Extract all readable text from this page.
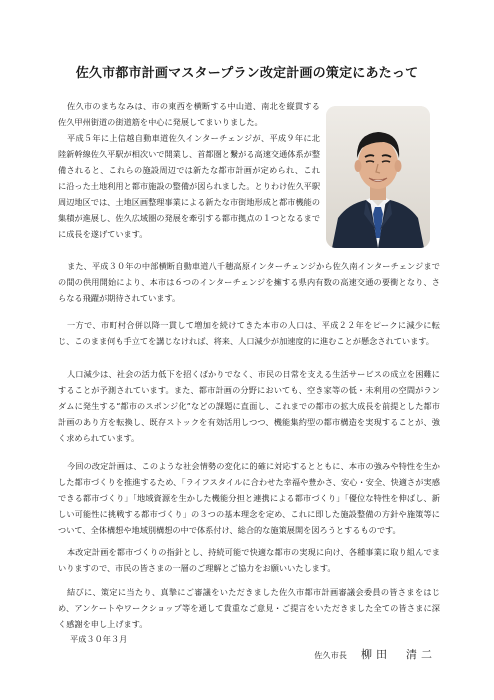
佐久市都市計画マスタープラン改定計画の策定にあたって

佐久市のまちなみは、市の東西を横断する中山道、南北を縦貫する佐久甲州街道の街道筋を中心に発展してまいりました。

平成５年に上信越自動車道佐久インターチェンジが、平成９年に北陸新幹線佐久平駅が相次いで開業し、首都圏と繋がる高速交通体系が整備されると、これらの施設周辺では新たな都市計画が定められ、これに沿った土地利用と都市施設の整備が図られました。とりわけ佐久平駅周辺地区では、土地区画整理事業による新たな市街地形成と都市機能の集積が進展し、佐久広域圏の発展を牽引する都市拠点の１つとなるまでに成長を遂げています。

また、平成３０年の中部横断自動車道八千穂高原インターチェンジから佐久南インターチェンジまでの間の供用開始により、本市は６つのインターチェンジを擁する県内有数の高速交通の要衝となり、さらなる飛躍が期待されています。

一方で、市町村合併以降一貫して増加を続けてきた本市の人口は、平成２２年をピークに減少に転じ、このまま何も手立てを講じなければ、将来、人口減少が加速度的に進むことが懸念されています。

人口減少は、社会の活力低下を招くばかりでなく、市民の日常を支える生活サービスの成立を困難にすることが予測されています。また、都市計画の分野においても、空き家等の低・未利用の空間がランダムに発生する“都市のスポンジ化”などの課題に直面し、これまでの都市の拡大成長を前提とした都市計画のあり方を転換し、既存ストックを有効活用しつつ、機能集約型の都市構造を実現することが、強く求められています。

今回の改定計画は、このような社会情勢の変化に的確に対応するとともに、本市の強みや特性を生かした都市づくりを推進するため、「ライフスタイルに合わせた幸福や豊かさ、安心・安全、快適さが実感できる都市づくり」「地域資源を生かした機能分担と連携による都市づくり」「優位な特性を伸ばし、新しい可能性に挑戦する都市づくり」の３つの基本理念を定め、これに即した施設整備の方針や施策等について、全体構想や地域別構想の中で体系付け、総合的な施策展開を図ろうとするものです。

本改定計画を都市づくりの指針とし、持続可能で快適な都市の実現に向け、各種事業に取り組んでまいりますので、市民の皆さまの一層のご理解とご協力をお願いいたします。

結びに、策定に当たり、真摯にご審議をいただきました佐久市都市計画審議会委員の皆さまをはじめ、アンケートやワークショップ等を通して貴重なご意見・ご提言をいただきました全ての皆さまに深く感謝を申し上げます。

平成３０年３月

佐久市長 柳田　清二
